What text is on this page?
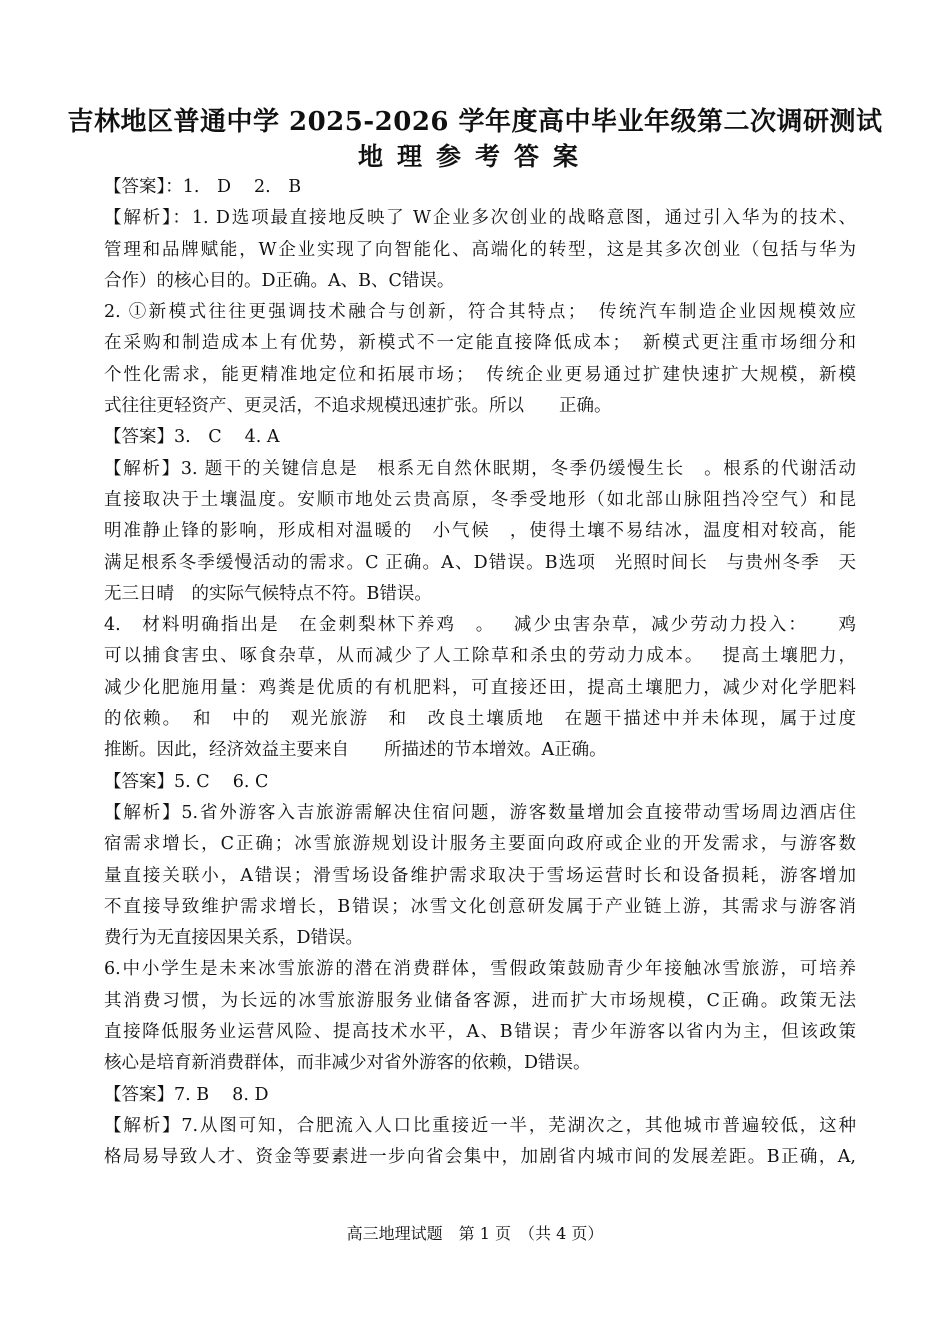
吉林地区普通中学 2025-2026 学年度高中毕业年级第二次调研测试
地理参考答案
【答案】：1.　D　 2.　B
【解析】：1. D选项最直接地反映了 W企业多次创业的战略意图，通过引入华为的技术、
管理和品牌赋能，W企业实现了向智能化、高端化的转型，这是其多次创业（包括与华为
合作）的核心目的。D正确。A、B、C错误。
2. ①新模式往往更强调技术融合与创新，符合其特点；　传统汽车制造企业因规模效应
在采购和制造成本上有优势，新模式不一定能直接降低成本；　新模式更注重市场细分和
个性化需求，能更精准地定位和拓展市场；　传统企业更易通过扩建快速扩大规模，新模
式往往更轻资产、更灵活，不追求规模迅速扩张。所以　　正确。
【答案】3.　C　 4. A
【解析】3. 题干的关键信息是　根系无自然休眠期，冬季仍缓慢生长　。根系的代谢活动
直接取决于土壤温度。安顺市地处云贵高原，冬季受地形（如北部山脉阻挡冷空气）和昆
明准静止锋的影响，形成相对温暖的　小气候　，使得土壤不易结冰，温度相对较高，能
满足根系冬季缓慢活动的需求。C 正确。A、D错误。B选项　光照时间长　与贵州冬季　天
无三日晴　的实际气候特点不符。B错误。
4.　材料明确指出是　在金刺梨林下养鸡　。　 减少虫害杂草，减少劳动力投入：　　鸡
可以捕食害虫、啄食杂草，从而减少了人工除草和杀虫的劳动力成本。　 提高土壤肥力，
减少化肥施用量：鸡粪是优质的有机肥料，可直接还田，提高土壤肥力，减少对化学肥料
的依赖。　和　中的　观光旅游　和　改良土壤质地　在题干描述中并未体现，属于过度
推断。因此，经济效益主要来自　　所描述的节本增效。A正确。
【答案】5. C　 6. C
【解析】5.省外游客入吉旅游需解决住宿问题，游客数量增加会直接带动雪场周边酒店住
宿需求增长，C正确；冰雪旅游规划设计服务主要面向政府或企业的开发需求，与游客数
量直接关联小，A错误；滑雪场设备维护需求取决于雪场运营时长和设备损耗，游客增加
不直接导致维护需求增长，B错误；冰雪文化创意研发属于产业链上游，其需求与游客消
费行为无直接因果关系，D错误。
6.中小学生是未来冰雪旅游的潜在消费群体，雪假政策鼓励青少年接触冰雪旅游，可培养
其消费习惯，为长远的冰雪旅游服务业储备客源，进而扩大市场规模，C正确。政策无法
直接降低服务业运营风险、提高技术水平，A、B错误；青少年游客以省内为主，但该政策
核心是培育新消费群体，而非减少对省外游客的依赖，D错误。
【答案】7. B　 8. D
【解析】7.从图可知，合肥流入人口比重接近一半，芜湖次之，其他城市普遍较低，这种
格局易导致人才、资金等要素进一步向省会集中，加剧省内城市间的发展差距。B正确，A,
高三地理试题　第 1 页　（共 4 页）
